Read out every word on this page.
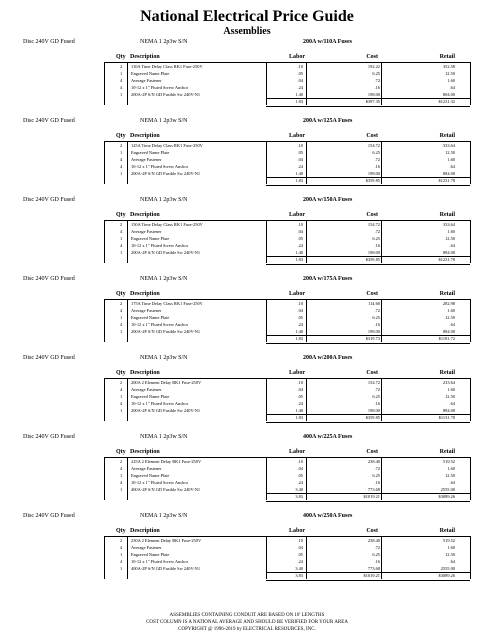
National Electrical Price Guide
Assemblies
Disc 240V GD Fused	NEMA 1 2p3w S/N	200A w/110A Fuses
Qty Description	Labor	Cost	Retail
2 110A Time Delay Class RK1 Fuse-250V	.10	192.22	352.58
1 Engraved Name Plate	.05	6.25	12.50
4 Average Fastener	.04	.72	1.60
4 10-12 x 1" Fluted Screw Anchor	.24	.16	.64
1 200A-2P S/N GD Fusible Sw 240V-N1	1.40	198.00	804.00
1.83	$397.35	$1231.32
Disc 240V GD Fused	NEMA 1 2p3w S/N	200A w/125A Fuses
Qty Description	Labor	Cost	Retail
2 125A Time Delay Class RK1 Fuse-250V	.10	154.72	333.64
1 Engraved Name Plate	.05	6.25	12.50
4 Average Fastener	.04	.72	1.60
4 10-12 x 1" Fluted Screw Anchor	.24	.16	.64
1 200A-2P S/N GD Fusible Sw 240V-N1	1.40	198.00	884.00
1.83	$359.85	$1231.78
Disc 240V GD Fused	NEMA 1 2p3w S/N	200A w/150A Fuses
Qty Description	Labor	Cost	Retail
2 150A Time Delay Class RK1 Fuse-250V	.10	154.72	333.64
4 Average Fastener	.04	.72	1.60
1 Engraved Name Plate	.05	6.25	12.50
4 10-12 x 1" Fluted Screw Anchor	.24	.16	.64
1 200A-2P S/N GD Fusible Sw 240V-N1	1.40	198.00	884.00
1.83	$359.85	$1231.78
Disc 240V GD Fused	NEMA 1 2p3w S/N	200A w/175A Fuses
Qty Description	Labor	Cost	Retail
2 175A Time Delay Class RK1 Fuse-250V	.10	114.60	282.98
4 Average Fastener	.04	.72	1.60
1 Engraved Name Plate	.05	6.25	12.50
4 10-12 x 1" Fluted Screw Anchor	.24	.16	.64
1 200A-2P S/N GD Fusible Sw 240V-N1	1.40	198.00	884.00
1.83	$319.73	$1181.72
Disc 240V GD Fused	NEMA 1 2p3w S/N	200A w/200A Fuses
Qty Description	Labor	Cost	Retail
2 200A 2 Element Delay RK1 Fuse-250V	.10	154.72	233.64
4 Average Fastener	.04	.72	1.60
1 Engraved Name Plate	.05	6.25	12.50
4 10-12 x 1" Fluted Screw Anchor	.24	.16	.64
1 200A-2P S/N GD Fusible Sw 240V-N1	1.40	198.00	884.00
1.83	$359.85	$1131.78
Disc 240V GD Fused	NEMA 1 2p3w S/N	400A w/225A Fuses
Qty Description	Labor	Cost	Retail
2 225A 2 Element Delay RK1 Fuse-250V	.10	238.40	519.52
4 Average Fastener	.04	.72	1.60
1 Engraved Name Plate	.05	6.25	12.50
4 10-12 x 1" Fluted Screw Anchor	.24	.16	.64
1 400A-2P S/N GD Fusible Sw 240V-N1	3.40	773.68	2555.00
3.83	$1019.21	$3089.26
Disc 240V GD Fused	NEMA 1 2p3w S/N	400A w/250A Fuses
Qty Description	Labor	Cost	Retail
2 250A 2 Element Delay RK1 Fuse-250V	.10	238.40	519.52
4 Average Fastener	.04	.72	1.60
1 Engraved Name Plate	.05	6.25	12.50
4 10-12 x 1" Fluted Screw Anchor	.24	.16	.64
1 400A-2P S/N GD Fusible Sw 240V-N1	3.40	773.68	2555.00
3.83	$1019.21	$3089.26
ASSEMBLIES CONTAINING CONDUIT ARE BASED ON 10' LENGTHS
COST COLUMN IS A NATIONAL AVERAGE AND SHOULD BE VERIFIED FOR YOUR AREA
COPYRIGHT @ 1996-2019 by ELECTRICAL RESOURCES, INC.
